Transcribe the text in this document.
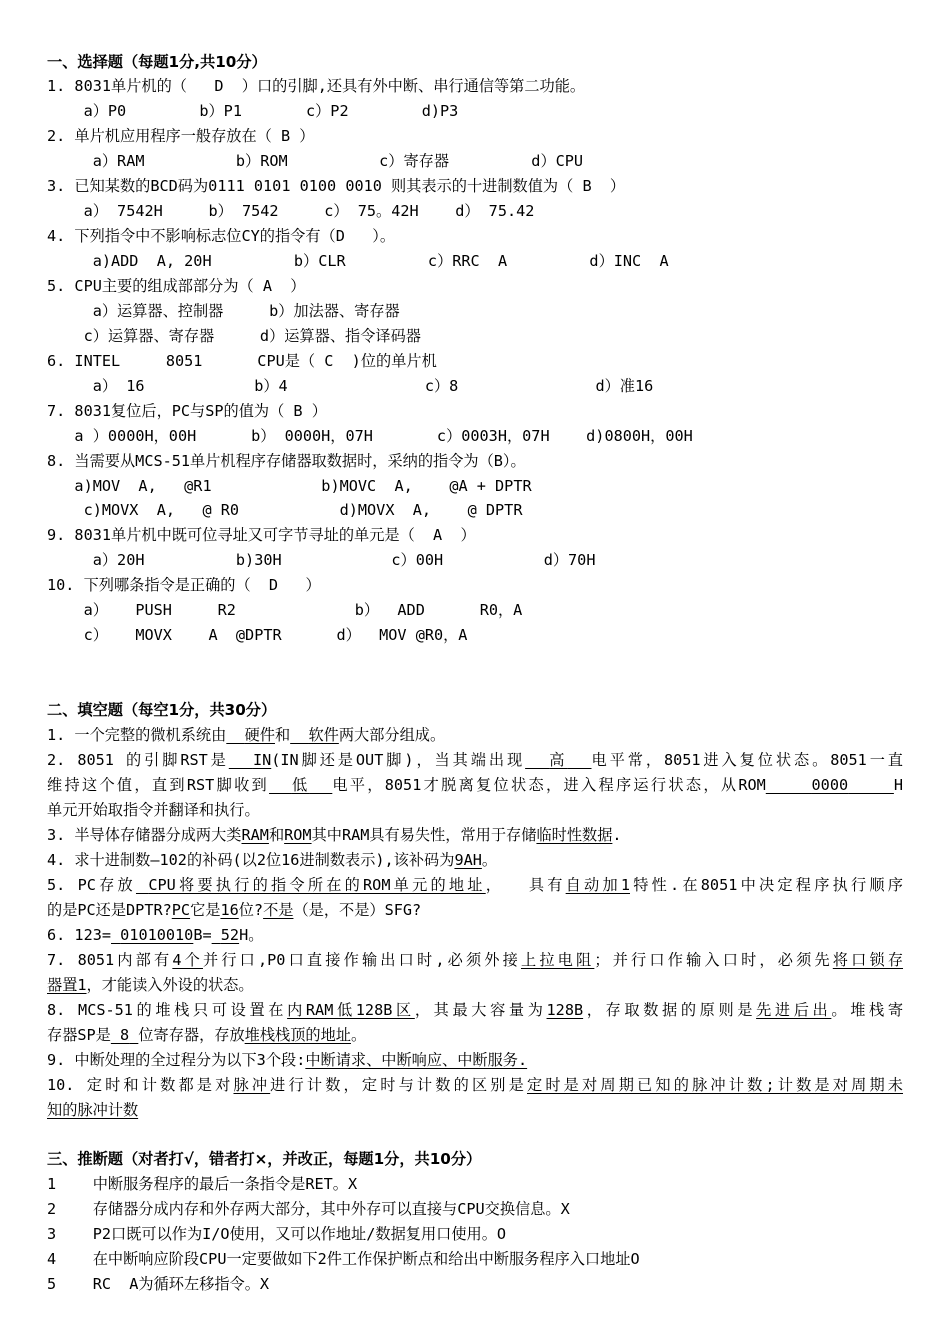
一、选择题（每题1分,共10分）
1. 8031单片机的（   D  ）口的引脚,还具有外中断、串行通信等第二功能。
a）P0        b）P1       c）P2        d)P3
2. 单片机应用程序一般存放在（ B ）
a）RAM          b）ROM          c）寄存器         d）CPU
3. 已知某数的BCD码为0111 0101 0100 0010 则其表示的十进制数值为（ B  ）
a） 7542H     b） 7542     c） 75。42H    d） 75.42
4. 下列指令中不影响标志位CY的指令有（D   ）。
a)ADD  A, 20H         b）CLR         c）RRC  A         d）INC  A
5. CPU主要的组成部部分为（ A  ）
a）运算器、控制器     b）加法器、寄存器
c）运算器、寄存器     d）运算器、指令译码器
6. INTEL     8051      CPU是（ C  )位的单片机
a） 16            b）4               c）8               d）准16
7. 8031复位后，PC与SP的值为（ B ）
a ）0000H，00H      b） 0000H，07H       c）0003H，07H    d)0800H，00H
8. 当需要从MCS-51单片机程序存储器取数据时，采纳的指令为（B）。
a)MOV  A,   @R1            b)MOVC  A,    @A + DPTR
c)MOVX  A,   @ R0           d)MOVX  A,    @ DPTR
9. 8031单片机中既可位寻址又可字节寻址的单元是（  A  ）
a）20H          b)30H            c）00H           d）70H
10. 下列哪条指令是正确的（  D   ）
a）   PUSH     R2             b）  ADD      R0，A
c）   MOVX    A  @DPTR      d）  MOV @R0，A
二、填空题（每空1分，共30分）
1. 一个完整的微机系统由 硬件和 软件两大部分组成。
2. 8051 的引脚RST是 IN(IN脚还是OUT脚)，当其端出现 高 电平常，8051进入复位状态。8051一直
维持这个值，直到RST脚收到 低 电平，8051才脱离复位状态，进入程序运行状态，从ROM	0000	H
单元开始取指令并翻译和执行。
3. 半导体存储器分成两大类RAM和ROM其中RAM具有易失性，常用于存储临时性数据.
4. 求十进制数—102的补码(以2位16进制数表示),该补码为9AH。
5. PC存放 CPU将要执行的指令所在的ROM单元的地址，  具有自动加1特性.在8051中决定程序执行顺序
的是PC还是DPTR?PC它是16位?不是（是，不是）SFG?
6. 123= 01010010B= 52H。
7. 8051内部有4个并行口,P0口直接作输出口时,必须外接上拉电阻；并行口作输入口时，必须先将口锁存
器置1，才能读入外设的状态。
8. MCS-51的堆栈只可设置在内RAM低128B区，其最大容量为128B，存取数据的原则是先进后出。堆栈寄
存器SP是 8 位寄存器，存放堆栈栈顶的地址。
9. 中断处理的全过程分为以下3个段:中断请求、中断响应、中断服务.
10. 定时和计数都是对脉冲进行计数，定时与计数的区别是定时是对周期已知的脉冲计数;计数是对周期未
知的脉冲计数
三、推断题（对者打√，错者打×，并改正，每题1分，共10分）
1    中断服务程序的最后一条指令是RET。X
2    存储器分成内存和外存两大部分，其中外存可以直接与CPU交换信息。X
3    P2口既可以作为I/O使用，又可以作地址/数据复用口使用。O
4    在中断响应阶段CPU一定要做如下2件工作保护断点和给出中断服务程序入口地址O
5    RC  A为循环左移指令。X
